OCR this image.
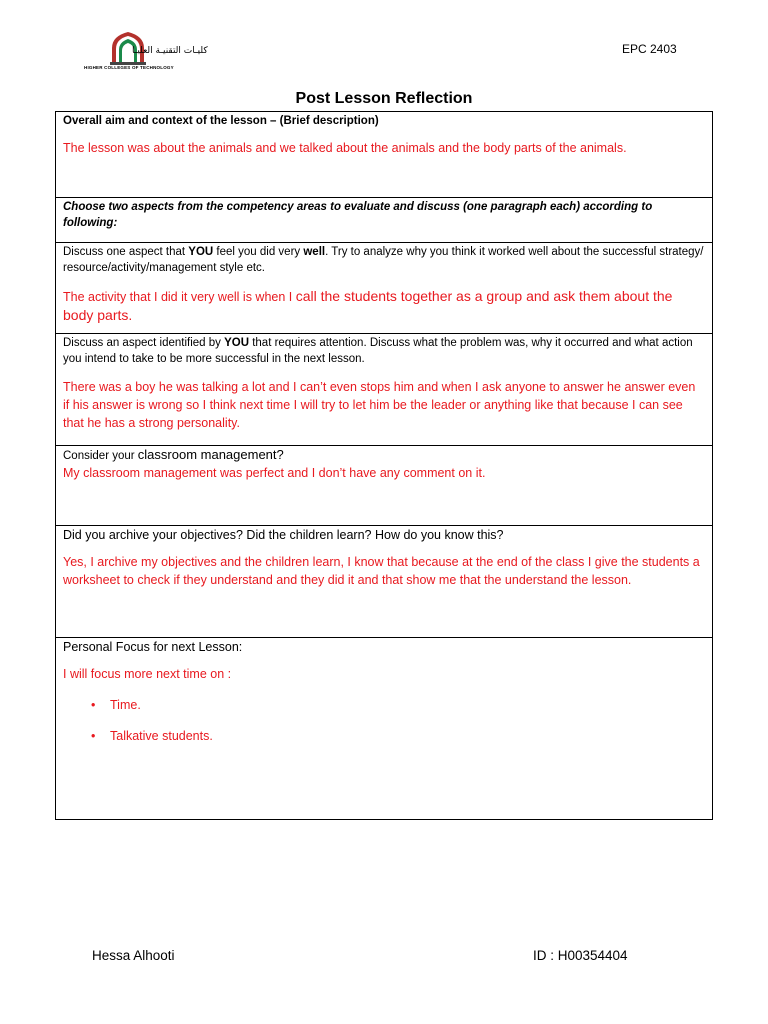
كليـات التقنيـة العليـا
HIGHER COLLEGES OF TECHNOLOGY
EPC 2403
Post Lesson Reflection

Overall aim and context of the lesson – (Brief description)

The lesson was about the animals and we talked about the animals and the body parts of the animals.

Choose two aspects from the competency areas to evaluate and discuss (one paragraph each) according to following:

Discuss one aspect that YOU feel you did very well. Try to analyze why you think it worked well about the successful strategy/ resource/activity/management style etc.

The activity that I did it very well is when I call the students together as a group and ask them about the body parts.

Discuss an aspect identified by YOU that requires attention. Discuss what the problem was, why it occurred and what action you intend to take to be more successful in the next lesson.

There was a boy he was talking a lot and I can’t even stops him and when I ask anyone to answer he answer even if his answer is wrong so I think next time I will try to let him be the leader or anything like that because I can see that he has a strong personality.

Consider your classroom management?

My classroom management was perfect and I don’t have any comment on it.

Did you archive your objectives? Did the children learn? How do you know this?

Yes, I archive my objectives and the children learn, I know that because at the end of the class I give the students a worksheet to check if they understand and they did it and that show me that the understand the lesson.

Personal Focus for next Lesson:

I will focus more next time on :

• Time.
• Talkative students.
Hessa Alhooti	ID : H00354404
